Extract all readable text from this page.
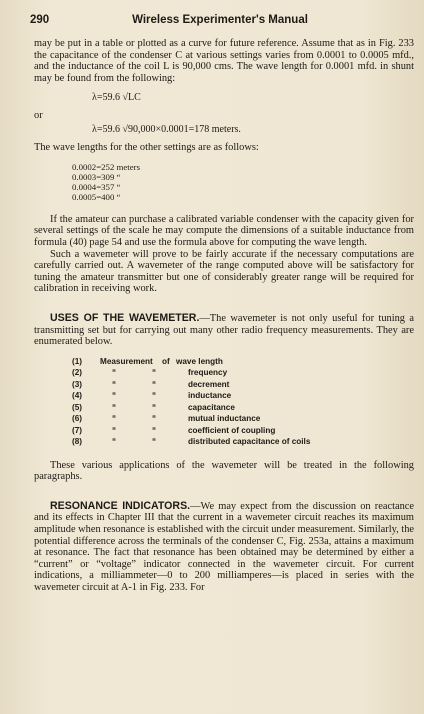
290	Wireless Experimenter's Manual

may be put in a table or plotted as a curve for future reference. Assume that as in Fig. 233 the capacitance of the condenser C at various settings varies from 0.0001 to 0.0005 mfd., and the inductance of the coil L is 90,000 cms. The wave length for 0.0001 mfd. in shunt may be found from the following:

λ=59.6 √LC
or
λ=59.6 √90,000×0.0001=178 meters.

The wave lengths for the other settings are as follows:

0.0002=252 meters
0.0003=309 “
0.0004=357 “
0.0005=400 “

If the amateur can purchase a calibrated variable condenser with the capacity given for several settings of the scale he may compute the dimensions of a suitable inductance from formula (40) page 54 and use the formula above for computing the wave length.

Such a wavemeter will prove to be fairly accurate if the necessary computations are carefully carried out. A wavemeter of the range computed above will be satisfactory for tuning the amateur transmitter but one of considerably greater range will be required for calibration in receiving work.

USES OF THE WAVEMETER.—The wavemeter is not only useful for tuning a transmitting set but for carrying out many other radio frequency measurements. They are enumerated below.

(1)	Measurement	of wave length
(2)	“	“	frequency
(3)	“	“	decrement
(4)	“	“	inductance
(5)	“	“	capacitance
(6)	“	“	mutual inductance
(7)	“	“	coefficient of coupling
(8)	“	“	distributed capacitance of coils

These various applications of the wavemeter will be treated in the following paragraphs.

RESONANCE INDICATORS.—We may expect from the discussion on reactance and its effects in Chapter III that the current in a wavemeter circuit reaches its maximum amplitude when resonance is established with the circuit under measurement. Similarly, the potential difference across the terminals of the condenser C, Fig. 253a, attains a maximum at resonance. The fact that resonance has been obtained may be determined by either a “current” or “voltage” indicator connected in the wavemeter circuit. For current indications, a milliammeter—0 to 200 milliamperes—is placed in series with the wavemeter circuit at A-1 in Fig. 233. For
